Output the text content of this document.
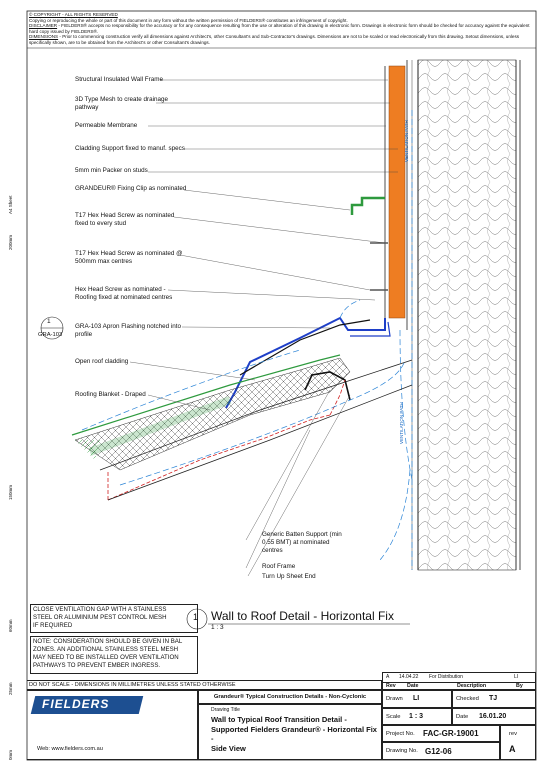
A4 Sheet
200mm
150mm
60mm
25mm
0mm
© COPYRIGHT - ALL RIGHTS RESERVED
Copying or reproducing the whole or part of this document in any form without the written permission of FIELDERS® constitutes an infringement of copyright.
DISCLAIMER - FIELDERS® accepts no responsibility for the accuracy or for any consequence resulting from the use or alteration of this drawing in electronic form. Drawings in electronic form should be checked for accuracy against the equivalent hard copy issued by FIELDERS®.
DIMENSIONS - Prior to commencing construction verify all dimensions against Architect's, other Consultant's and Sub-Contractor's drawings. Dimensions are not to be scaled or read electronically from this drawing. Setout dimensions, unless specifically shown, are to be obtained from the Architect's or other Consultant's drawings.
VENTILATION PATH
VENTILATION PATH
Structural Insulated Wall Frame
3D Type Mesh to create drainage
pathway
Permeable Membrane
Cladding Support fixed to manuf. specs
5mm min Packer on studs
GRANDEUR® Fixing Clip as nominated
T17 Hex Head Screw as nominated
fixed to every stud
T17 Hex Head Screw as nominated @
500mm max centres
Hex Head Screw as nominated -
Roofing fixed at nominated centres
GRA-103 Apron Flashing notched into
profile
Open roof cladding
Roofing Blanket - Draped
Generic Batten Support (min
0.55 BMT) at nominated
centres
Roof Frame
Turn Up Sheet End
1
GRA-103
CLOSE VENTILATION GAP WITH A STAINLESS
STEEL OR ALUMINIUM PEST CONTROL MESH
IF REQUIRED
NOTE: CONSIDERATION SHOULD BE GIVEN IN BAL
ZONES. AN ADDITIONAL STAINLESS STEEL MESH
MAY NEED TO BE INSTALLED OVER VENTILATION
PATHWAYS TO PREVENT EMBER INGRESS.
1 Wall to Roof Detail - Horizontal Fix
1 : 3
DO NOT SCALE - DIMENSIONS IN MILLIMETRES UNLESS STATED OTHERWISE
A 14.04.22 For Distribution	LI
Rev Date	Description	By
Grandeur® Typical Construction Details - Non-Cyclonic
FIELDERS
Web: www.fielders.com.au
Drawing Title
Wall to Typical Roof Transition Detail -
Supported Fielders Grandeur® - Horizontal Fix -
Side View
Drawn LI	Checked TJ
Scale 1 : 3	Date 16.01.20
Project No. FAC-GR-19001
Drawing No. G12-06
rev
A
